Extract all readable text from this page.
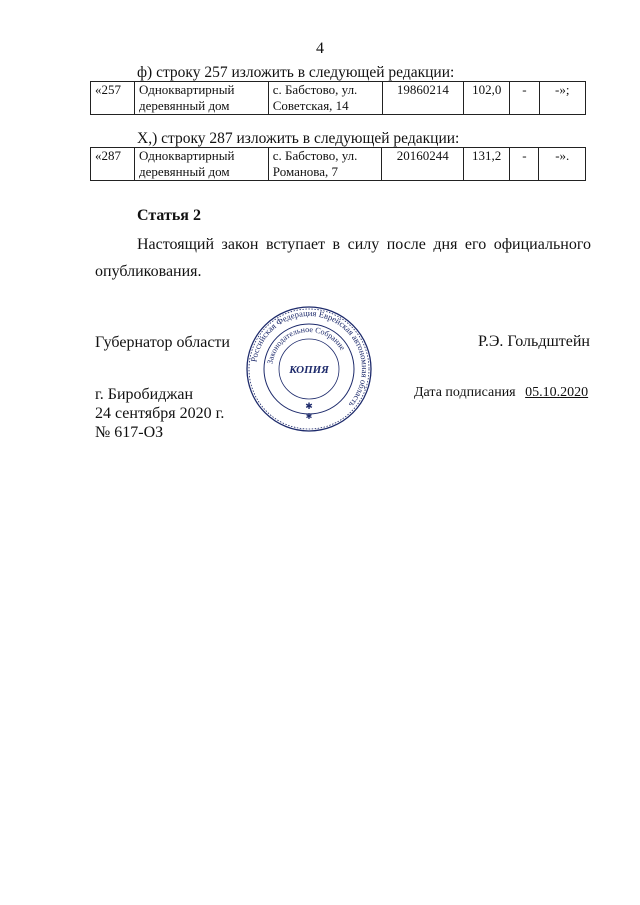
4
ф) строку 257 изложить в следующей редакции:
«257	Одноквартирный деревянный дом	с. Бабстово, ул. Советская, 14	19860214	102,0	-	-»;
Х,) строку 287 изложить в следующей редакции:
«287	Одноквартирный деревянный дом	с. Бабстово, ул. Романова, 7	20160244	131,2	-	-».
Статья 2
Настоящий закон вступает в силу после дня его официального опубликования.
Губернатор области	Р.Э. Гольдштейн
г. Биробиджан
24 сентября 2020 г.
№ 617-ОЗ
Дата подписания 05.10.2020
Российская Федерация Еврейская автономная область
Законодательное Собрание
КОПИЯ
✱
✱
